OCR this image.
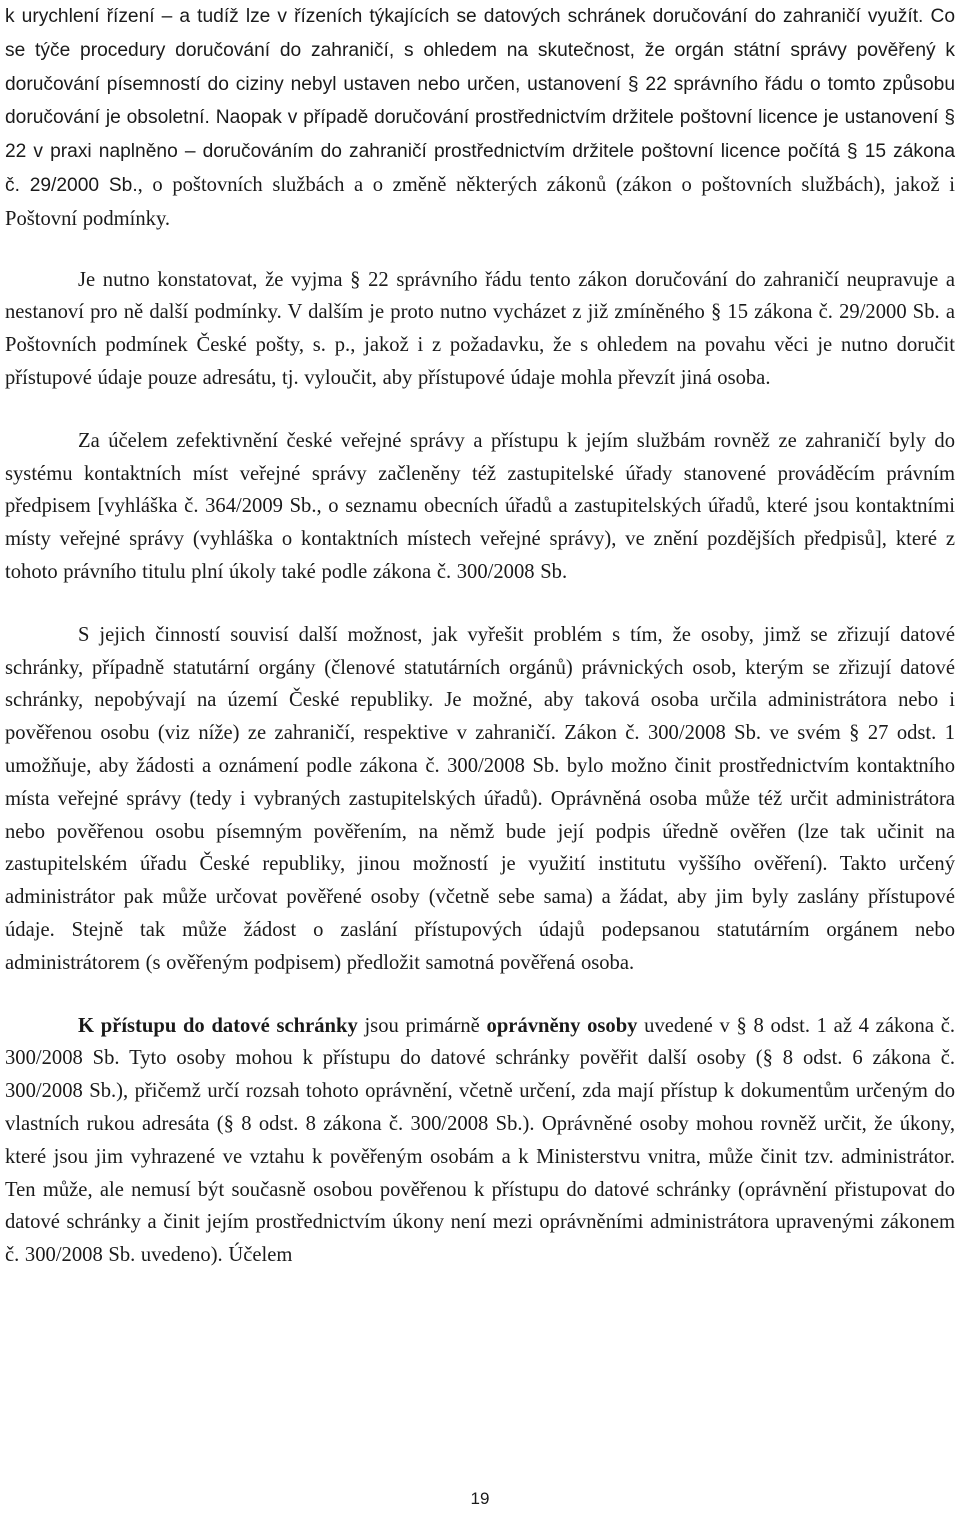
k urychlení řízení – a tudíž lze v řízeních týkajících se datových schránek doručování do zahraničí využít. Co se týče procedury doručování do zahraničí, s ohledem na skutečnost, že orgán státní správy pověřený k doručování písemností do ciziny nebyl ustaven nebo určen, ustanovení § 22 správního řádu o tomto způsobu doručování je obsoletní. Naopak v případě doručování prostřednictvím držitele poštovní licence je ustanovení § 22 v praxi naplněno – doručováním do zahraničí prostřednictvím držitele poštovní licence počítá § 15 zákona č. 29/2000 Sb., o poštovních službách a o změně některých zákonů (zákon o poštovních službách), jakož i Poštovní podmínky.

Je nutno konstatovat, že vyjma § 22 správního řádu tento zákon doručování do zahraničí neupravuje a nestanoví pro ně další podmínky. V dalším je proto nutno vycházet z již zmíněného § 15 zákona č. 29/2000 Sb. a Poštovních podmínek České pošty, s. p., jakož i z požadavku, že s ohledem na povahu věci je nutno doručit přístupové údaje pouze adresátu, tj. vyloučit, aby přístupové údaje mohla převzít jiná osoba.

Za účelem zefektivnění české veřejné správy a přístupu k jejím službám rovněž ze zahraničí byly do systému kontaktních míst veřejné správy začleněny též zastupitelské úřady stanovené prováděcím právním předpisem [vyhláška č. 364/2009 Sb., o seznamu obecních úřadů a zastupitelských úřadů, které jsou kontaktními místy veřejné správy (vyhláška o kontaktních místech veřejné správy), ve znění pozdějších předpisů], které z tohoto právního titulu plní úkoly také podle zákona č. 300/2008 Sb.

S jejich činností souvisí další možnost, jak vyřešit problém s tím, že osoby, jimž se zřizují datové schránky, případně statutární orgány (členové statutárních orgánů) právnických osob, kterým se zřizují datové schránky, nepobývají na území České republiky. Je možné, aby taková osoba určila administrátora nebo i pověřenou osobu (viz níže) ze zahraničí, respektive v zahraničí. Zákon č. 300/2008 Sb. ve svém § 27 odst. 1 umožňuje, aby žádosti a oznámení podle zákona č. 300/2008 Sb. bylo možno činit prostřednictvím kontaktního místa veřejné správy (tedy i vybraných zastupitelských úřadů). Oprávněná osoba může též určit administrátora nebo pověřenou osobu písemným pověřením, na němž bude její podpis úředně ověřen (lze tak učinit na zastupitelském úřadu České republiky, jinou možností je využití institutu vyššího ověření). Takto určený administrátor pak může určovat pověřené osoby (včetně sebe sama) a žádat, aby jim byly zaslány přístupové údaje. Stejně tak může žádost o zaslání přístupových údajů podepsanou statutárním orgánem nebo administrátorem (s ověřeným podpisem) předložit samotná pověřená osoba.

K přístupu do datové schránky jsou primárně oprávněny osoby uvedené v § 8 odst. 1 až 4 zákona č. 300/2008 Sb. Tyto osoby mohou k přístupu do datové schránky pověřit další osoby (§ 8 odst. 6 zákona č. 300/2008 Sb.), přičemž určí rozsah tohoto oprávnění, včetně určení, zda mají přístup k dokumentům určeným do vlastních rukou adresáta (§ 8 odst. 8 zákona č. 300/2008 Sb.). Oprávněné osoby mohou rovněž určit, že úkony, které jsou jim vyhrazené ve vztahu k pověřeným osobám a k Ministerstvu vnitra, může činit tzv. administrátor. Ten může, ale nemusí být současně osobou pověřenou k přístupu do datové schránky (oprávnění přistupovat do datové schránky a činit jejím prostřednictvím úkony není mezi oprávněními administrátora upravenými zákonem č. 300/2008 Sb. uvedeno). Účelem

19
